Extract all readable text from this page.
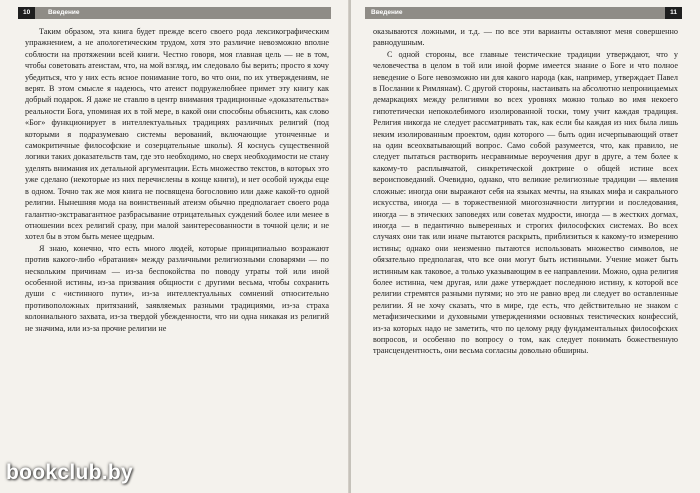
10	Введение

Таким образом, эта книга будет прежде всего своего рода лексикографическим упражнением, а не апологетическим трудом, хотя это различие невозможно вполне соблюсти на протяжении всей книги. Честно говоря, моя главная цель — не в том, чтобы советовать атеистам, что, на мой взгляд, им следовало бы верить; просто я хочу убедиться, что у них есть ясное понимание того, во что они, по их утверждениям, не верят. В этом смысле я надеюсь, что атеист подружелюбнее примет эту книгу как добрый подарок. Я даже не ставлю в центр внимания традиционные «доказательства» реальности Бога, упоминая их в той мере, в какой они способны объяснить, как слово «Бог» функционирует в интеллектуальных традициях различных религий (под которыми я подразумеваю системы верований, включающие утонченные и самокритичные философские и созерцательные школы). Я коснусь существенной логики таких доказательств там, где это необходимо, но сверх необходимости не стану уделять внимания их детальной аргументации. Есть множество текстов, в которых это уже сделано (некоторые из них перечислены в конце книги), и нет особой нужды еще в одном. Точно так же моя книга не посвящена богословию или даже какой-то одной религии. Нынешняя мода на воинственный атеизм обычно предполагает своего рода галантно-экстравагантное разбрасывание отрицательных суждений более или менее в отношении всех религий сразу, при малой заинтересованности в точной цели; и не хотел бы в этом быть менее щедрым.

Я знаю, конечно, что есть много людей, которые принципиально возражают против какого-либо «братания» между различными религиозными словарями — по нескольким причинам — из-за беспокойства по поводу утраты той или иной особенной истины, из-за призвания общности с другими весьма, чтобы сохранить души с «истинного пути», из-за интеллектуальных сомнений относительно противоположных притязаний, заявляемых разными традициями, из-за страха колониального захвата, из-за твердой убежденности, что ни одна никакая из религий не значима, или из-за прочие религии не

Введение	11

оказываются ложными, и т.д. — по все эти варианты оставляют меня совершенно равнодушным.

С одной стороны, все главные теистические традиции утверждают, что у человечества в целом в той или иной форме имеется знание о Боге и что полное неведение о Боге невозможно ни для какого народа (как, например, утверждает Павел в Послании к Римлянам). С другой стороны, настаивать на абсолютно непроницаемых демаркациях между религиями во всех уровнях можно только во имя некоего гипотетически непоколебимого изолированной тоски, тому учит каждая традиция. Религия никогда не следует рассматривать так, как если бы каждая из них была лишь неким изолированным проектом, один которого — быть один исчерпывающий ответ на один всеохватывающий вопрос. Само собой разумеется, что, как правило, не следует пытаться растворить несравнимые вероучения друг в друге, а тем более к какому-то расплывчатой, синкретической доктрине о общей истине всех вероисповеданий. Очевидно, однако, что великие религиозные традиции — явления сложные: иногда они выражают себя на языках мечты, на языках мифа и сакрального искусства, иногда — в торжественной многозначности литургии и последования, иногда — в этических заповедях или советах мудрости, иногда — в жестких догмах, иногда — в педантично выверенных и строгих философских системах. Во всех случаях они так или иначе пытаются раскрыть, приблизиться к какому-то измерению истины; однако они неизменно пытаются использовать множество символов, не обязательно предполагая, что все они могут быть истинными. Учение может быть истинным как таковое, а только указывающим в ее направлении. Можно, одна религия более истинна, чем другая, или даже утверждает последнюю истину, к которой все религии стремятся разными путями; но это не равно вред ли следует во оставленные религии. Я не хочу сказать, что в мире, где есть, что действительно не знаком с метафизическими и духовными утверждениями основных теистических конфессий, из-за которых надо не заметить, что по целому ряду фундаментальных философских вопросов, и особенно по вопросу о том, как следует понимать божественную трансцендентность, они весьма согласны довольно обширны.

bookclub.by
